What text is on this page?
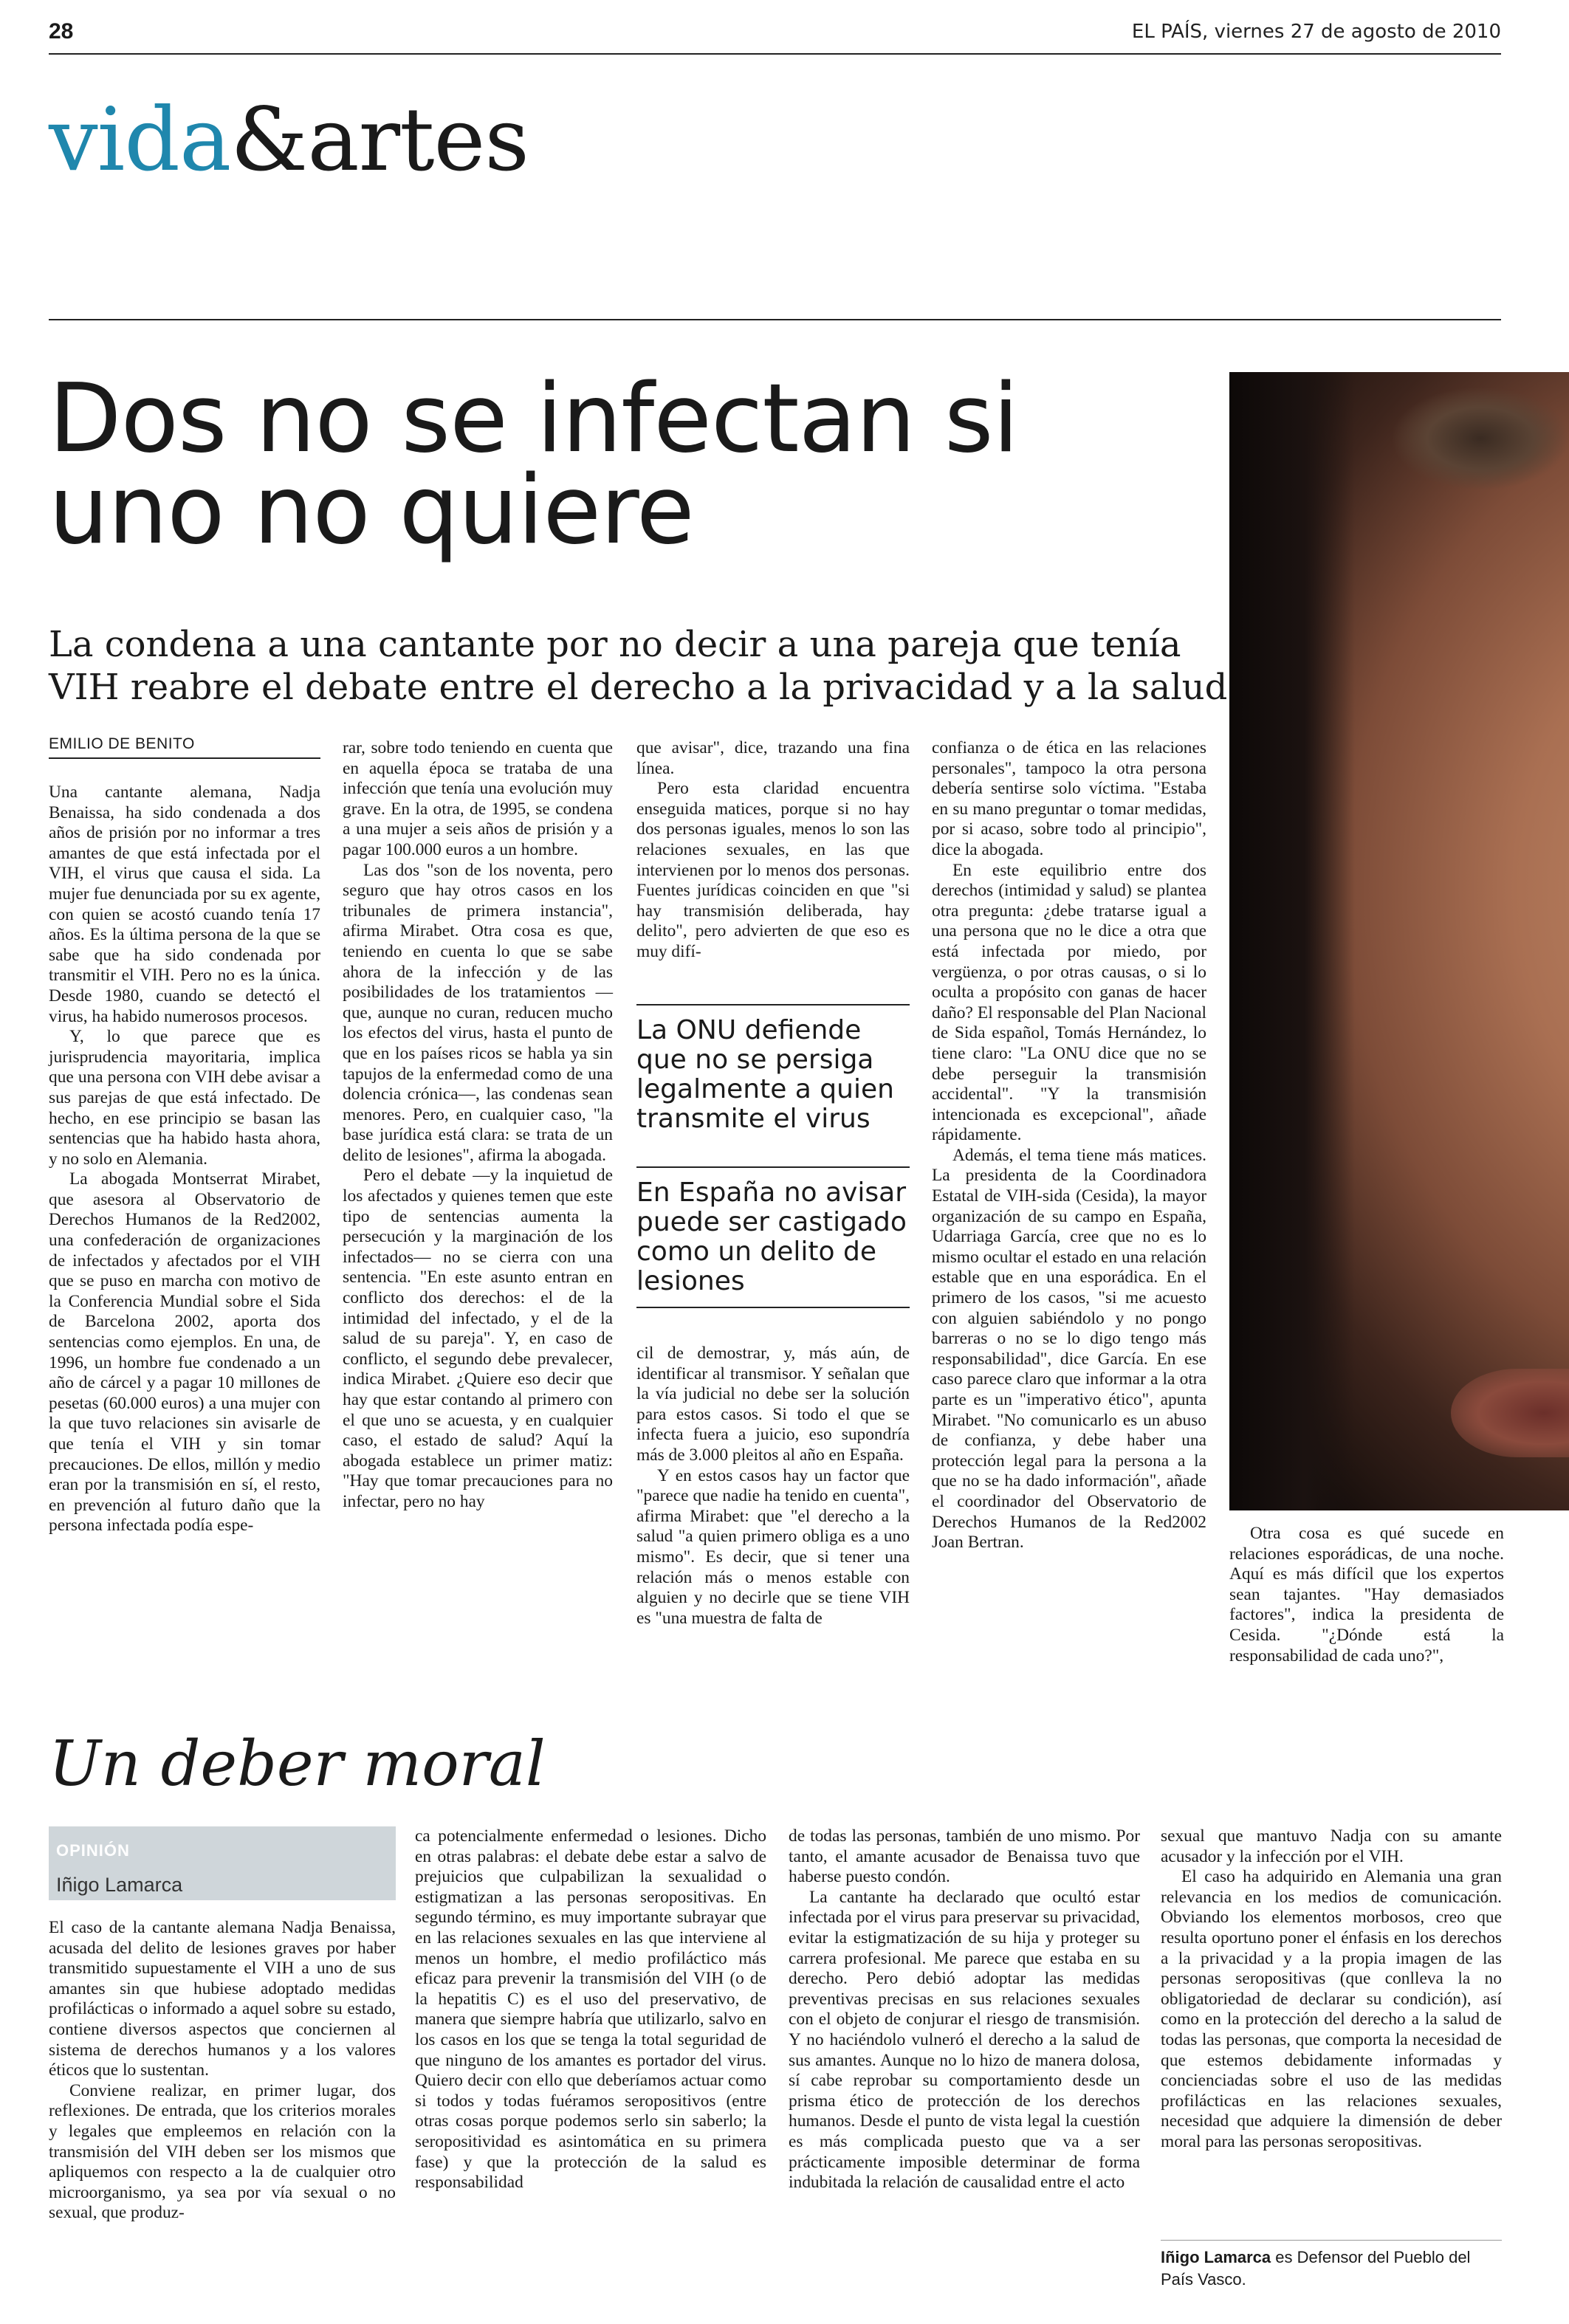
28	EL PAÍS, viernes 27 de agosto de 2010
vida&artes
Dos no se infectan si uno no quiere
La condena a una cantante por no decir a una pareja que tenía VIH reabre el debate entre el derecho a la privacidad y a la salud
EMILIO DE BENITO

Una cantante alemana, Nadja Benaissa, ha sido condenada a dos años de prisión por no informar a tres amantes de que está infectada por el VIH, el virus que causa el sida. La mujer fue denunciada por su ex agente, con quien se acostó cuando tenía 17 años. Es la última persona de la que se sabe que ha sido condenada por transmitir el VIH. Pero no es la única. Desde 1980, cuando se detectó el virus, ha habido numerosos procesos.

Y, lo que parece que es jurisprudencia mayoritaria, implica que una persona con VIH debe avisar a sus parejas de que está infectado. De hecho, en ese principio se basan las sentencias que ha habido hasta ahora, y no solo en Alemania.

La abogada Montserrat Mirabet, que asesora al Observatorio de Derechos Humanos de la Red2002, una confederación de organizaciones de infectados y afectados por el VIH que se puso en marcha con motivo de la Conferencia Mundial sobre el Sida de Barcelona 2002, aporta dos sentencias como ejemplos. En una, de 1996, un hombre fue condenado a un año de cárcel y a pagar 10 millones de pesetas (60.000 euros) a una mujer con la que tuvo relaciones sin avisarle de que tenía el VIH y sin tomar precauciones. De ellos, millón y medio eran por la transmisión en sí, el resto, en prevención al futuro daño que la persona infectada podía espe-

rar, sobre todo teniendo en cuenta que en aquella época se trataba de una infección que tenía una evolución muy grave. En la otra, de 1995, se condena a una mujer a seis años de prisión y a pagar 100.000 euros a un hombre.

Las dos "son de los noventa, pero seguro que hay otros casos en los tribunales de primera instancia", afirma Mirabet. Otra cosa es que, teniendo en cuenta lo que se sabe ahora de la infección y de las posibilidades de los tratamientos —que, aunque no curan, reducen mucho los efectos del virus, hasta el punto de que en los países ricos se habla ya sin tapujos de la enfermedad como de una dolencia crónica—, las condenas sean menores. Pero, en cualquier caso, "la base jurídica está clara: se trata de un delito de lesiones", afirma la abogada.

Pero el debate —y la inquietud de los afectados y quienes temen que este tipo de sentencias aumenta la persecución y la marginación de los infectados— no se cierra con una sentencia. "En este asunto entran en conflicto dos derechos: el de la intimidad del infectado, y el de la salud de su pareja". Y, en caso de conflicto, el segundo debe prevalecer, indica Mirabet. ¿Quiere eso decir que hay que estar contando al primero con el que uno se acuesta, y en cualquier caso, el estado de salud? Aquí la abogada establece un primer matiz: "Hay que tomar precauciones para no infectar, pero no hay

que avisar", dice, trazando una fina línea.

Pero esta claridad encuentra enseguida matices, porque si no hay dos personas iguales, menos lo son las relaciones sexuales, en las que intervienen por lo menos dos personas. Fuentes jurídicas coinciden en que "si hay transmisión deliberada, hay delito", pero advierten de que eso es muy difí-

La ONU defiende que no se persiga legalmente a quien transmite el virus
En España no avisar puede ser castigado como un delito de lesiones

cil de demostrar, y, más aún, de identificar al transmisor. Y señalan que la vía judicial no debe ser la solución para estos casos. Si todo el que se infecta fuera a juicio, eso supondría más de 3.000 pleitos al año en España.

Y en estos casos hay un factor que "parece que nadie ha tenido en cuenta", afirma Mirabet: que "el derecho a la salud "a quien primero obliga es a uno mismo". Es decir, que si tener una relación más o menos estable con alguien y no decirle que se tiene VIH es "una muestra de falta de

confianza o de ética en las relaciones personales", tampoco la otra persona debería sentirse solo víctima. "Estaba en su mano preguntar o tomar medidas, por si acaso, sobre todo al principio", dice la abogada.

En este equilibrio entre dos derechos (intimidad y salud) se plantea otra pregunta: ¿debe tratarse igual a una persona que no le dice a otra que está infectada por miedo, por vergüenza, o por otras causas, o si lo oculta a propósito con ganas de hacer daño? El responsable del Plan Nacional de Sida español, Tomás Hernández, lo tiene claro: "La ONU dice que no se debe perseguir la transmisión accidental". "Y la transmisión intencionada es excepcional", añade rápidamente.

Además, el tema tiene más matices. La presidenta de la Coordinadora Estatal de VIH-sida (Cesida), la mayor organización de su campo en España, Udarriaga García, cree que no es lo mismo ocultar el estado en una relación estable que en una esporádica. En el primero de los casos, "si me acuesto con alguien sabiéndolo y no pongo barreras o no se lo digo tengo más responsabilidad", dice García. En ese caso parece claro que informar a la otra parte es un "imperativo ético", apunta Mirabet. "No comunicarlo es un abuso de confianza, y debe haber una protección legal para la persona a la que no se ha dado información", añade el coordinador del Observatorio de Derechos Humanos de la Red2002 Joan Bertran.	Otra cosa es qué sucede en relaciones esporádicas, de una noche. Aquí es más difícil que los expertos sean tajantes. "Hay demasiados factores", indica la presidenta de Cesida. "¿Dónde está la responsabilidad de cada uno?",

Un deber moral
OPINIÓN
Iñigo Lamarca

El caso de la cantante alemana Nadja Benaissa, acusada del delito de lesiones graves por haber transmitido supuestamente el VIH a uno de sus amantes sin que hubiese adoptado medidas profilácticas o informado a aquel sobre su estado, contiene diversos aspectos que conciernen al sistema de derechos humanos y a los valores éticos que lo sustentan.

Conviene realizar, en primer lugar, dos reflexiones. De entrada, que los criterios morales y legales que empleemos en relación con la transmisión del VIH deben ser los mismos que apliquemos con respecto a la de cualquier otro microorganismo, ya sea por vía sexual o no sexual, que produz-

ca potencialmente enfermedad o lesiones. Dicho en otras palabras: el debate debe estar a salvo de prejuicios que culpabilizan la sexualidad o estigmatizan a las personas seropositivas. En segundo término, es muy importante subrayar que en las relaciones sexuales en las que interviene al menos un hombre, el medio profiláctico más eficaz para prevenir la transmisión del VIH (o de la hepatitis C) es el uso del preservativo, de manera que siempre habría que utilizarlo, salvo en los casos en los que se tenga la total seguridad de que ninguno de los amantes es portador del virus. Quiero decir con ello que deberíamos actuar como si todos y todas fuéramos seropositivos (entre otras cosas porque podemos serlo sin saberlo; la seropositividad es asintomática en su primera fase) y que la protección de la salud es responsabilidad

de todas las personas, también de uno mismo. Por tanto, el amante acusador de Benaissa tuvo que haberse puesto condón.

La cantante ha declarado que ocultó estar infectada por el virus para preservar su privacidad, evitar la estigmatización de su hija y proteger su carrera profesional. Me parece que estaba en su derecho. Pero debió adoptar las medidas preventivas precisas en sus relaciones sexuales con el objeto de conjurar el riesgo de transmisión. Y no haciéndolo vulneró el derecho a la salud de sus amantes. Aunque no lo hizo de manera dolosa, sí cabe reprobar su comportamiento desde un prisma ético de protección de los derechos humanos. Desde el punto de vista legal la cuestión es más complicada puesto que va a ser prácticamente imposible determinar de forma indubitada la relación de causalidad entre el acto

sexual que mantuvo Nadja con su amante acusador y la infección por el VIH.

El caso ha adquirido en Alemania una gran relevancia en los medios de comunicación. Obviando los elementos morbosos, creo que resulta oportuno poner el énfasis en los derechos a la privacidad y a la propia imagen de las personas seropositivas (que conlleva la no obligatoriedad de declarar su condición), así como en la protección del derecho a la salud de todas las personas, que comporta la necesidad de que estemos debidamente informadas y concienciadas sobre el uso de las medidas profilácticas en las relaciones sexuales, necesidad que adquiere la dimensión de deber moral para las personas seropositivas.

Iñigo Lamarca es Defensor del Pueblo del País Vasco.
